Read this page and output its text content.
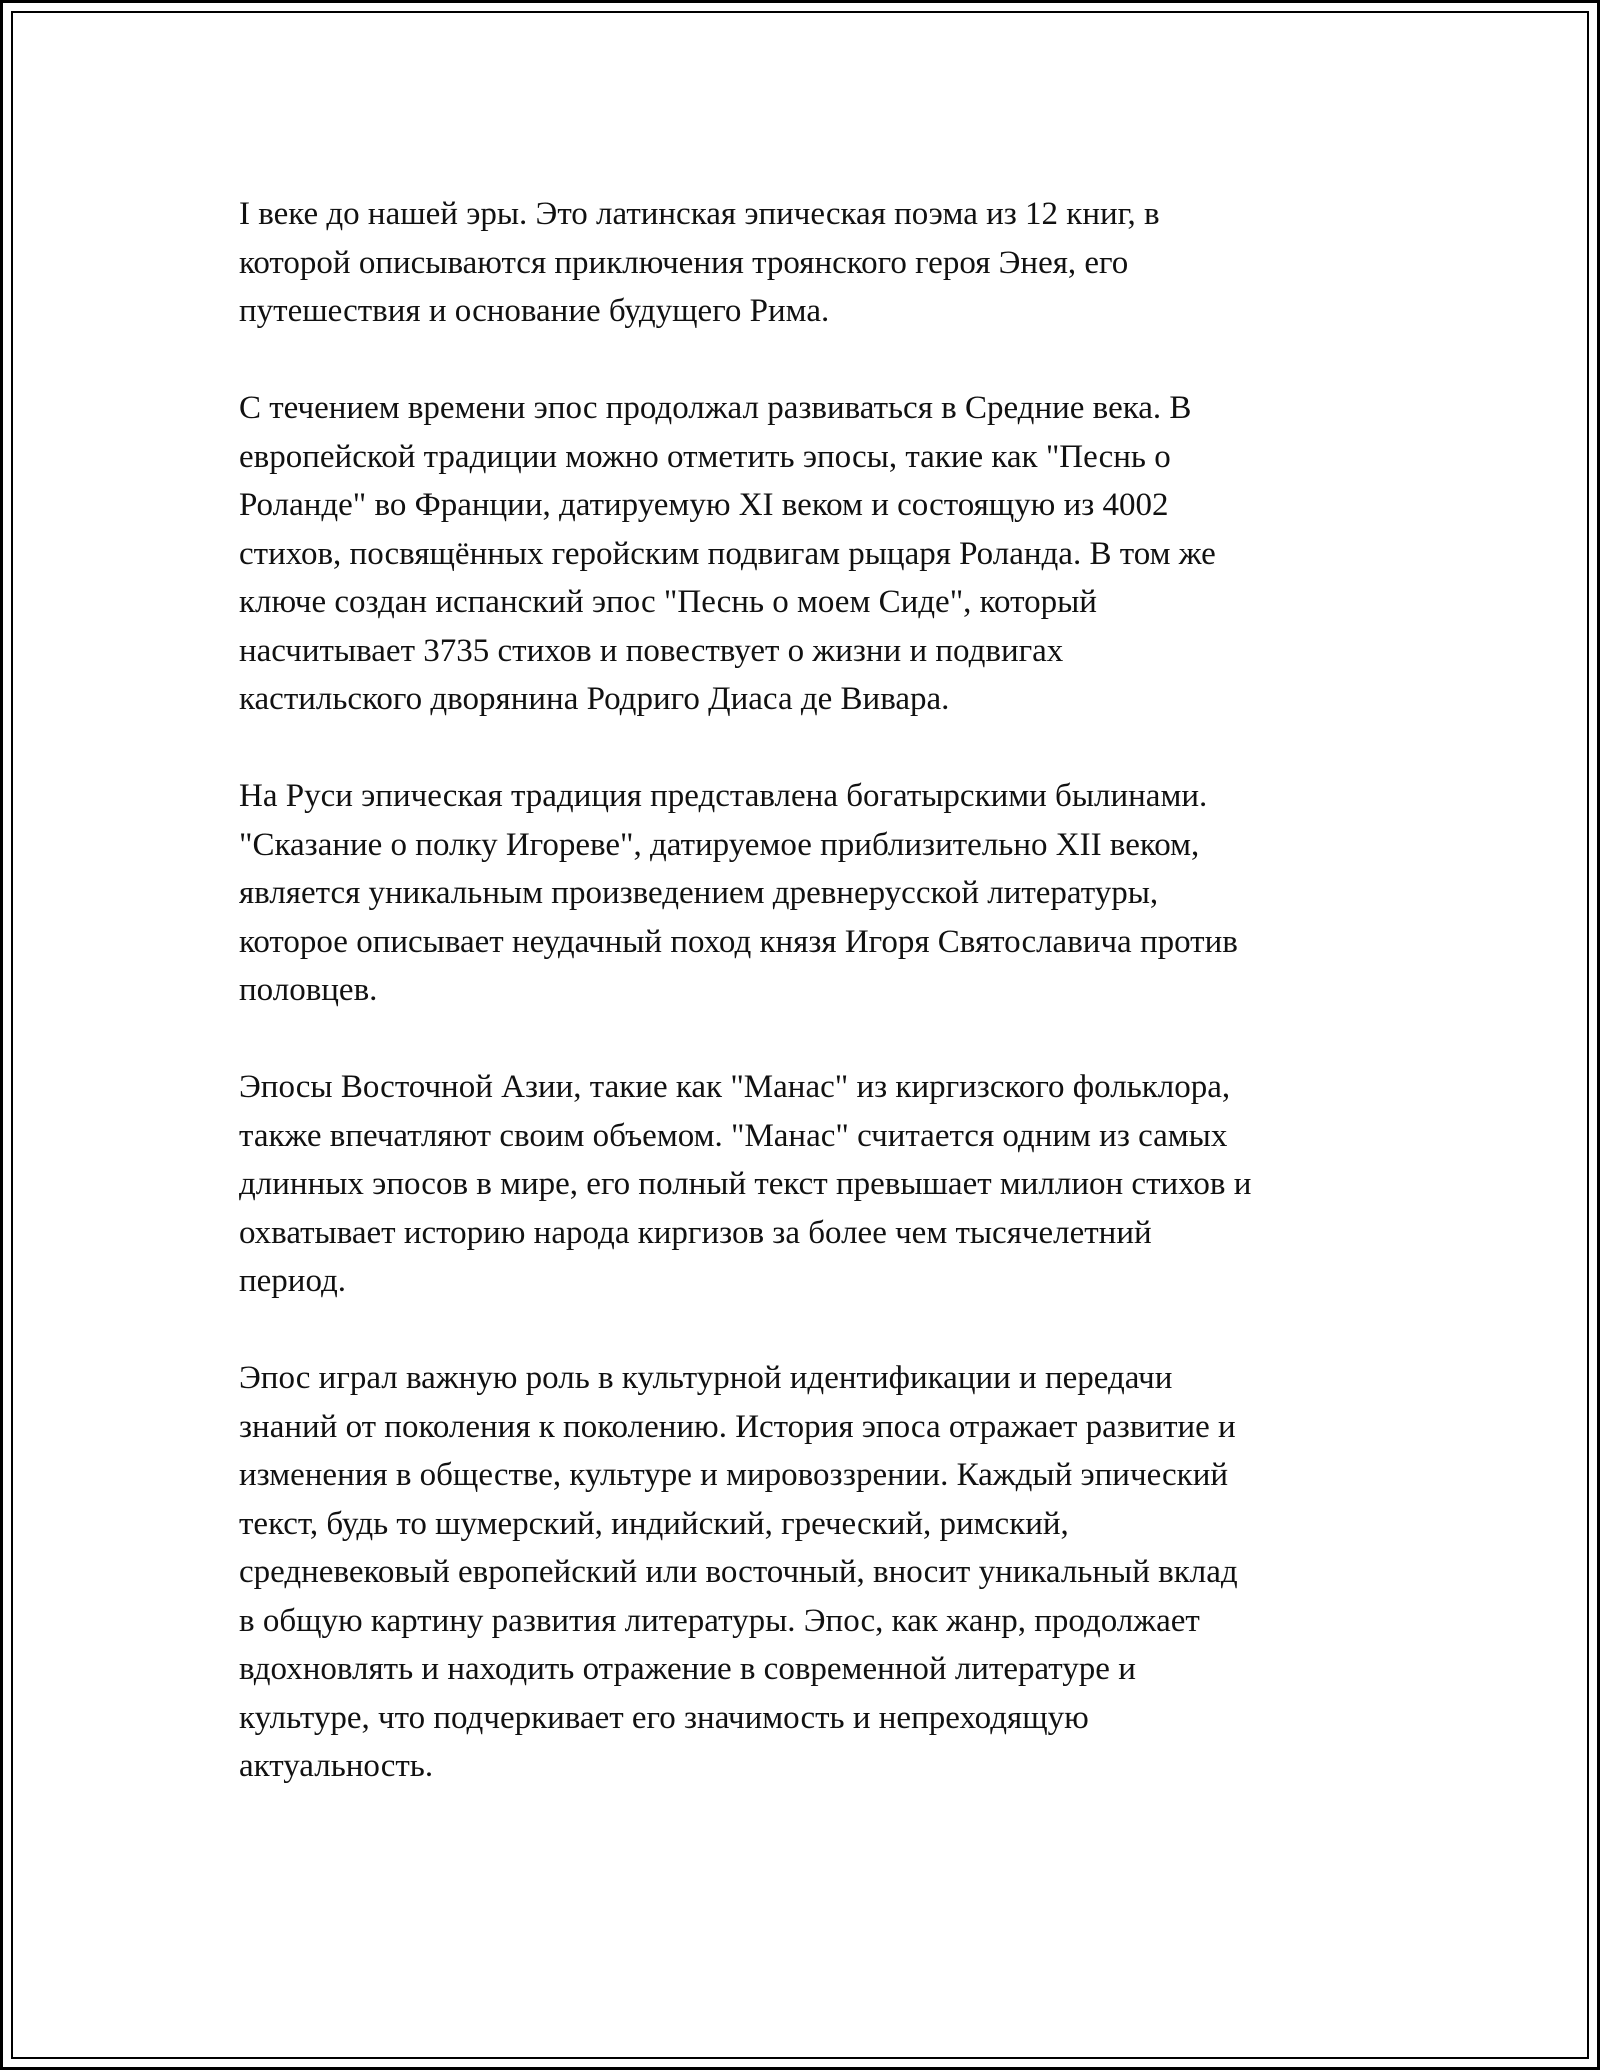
I веке до нашей эры. Это латинская эпическая поэма из 12 книг, в
которой описываются приключения троянского героя Энея, его
путешествия и основание будущего Рима.

С течением времени эпос продолжал развиваться в Средние века. В
европейской традиции можно отметить эпосы, такие как "Песнь о
Роланде" во Франции, датируемую XI веком и состоящую из 4002
стихов, посвящённых геройским подвигам рыцаря Роланда. В том же
ключе создан испанский эпос "Песнь о моем Сиде", который
насчитывает 3735 стихов и повествует о жизни и подвигах
кастильского дворянина Родриго Диаса де Вивара.

На Руси эпическая традиция представлена богатырскими былинами.
"Сказание о полку Игореве", датируемое приблизительно XII веком,
является уникальным произведением древнерусской литературы,
которое описывает неудачный поход князя Игоря Святославича против
половцев.

Эпосы Восточной Азии, такие как "Манас" из киргизского фольклора,
также впечатляют своим объемом. "Манас" считается одним из самых
длинных эпосов в мире, его полный текст превышает миллион стихов и
охватывает историю народа киргизов за более чем тысячелетний
период.

Эпос играл важную роль в культурной идентификации и передачи
знаний от поколения к поколению. История эпоса отражает развитие и
изменения в обществе, культуре и мировоззрении. Каждый эпический
текст, будь то шумерский, индийский, греческий, римский,
средневековый европейский или восточный, вносит уникальный вклад
в общую картину развития литературы. Эпос, как жанр, продолжает
вдохновлять и находить отражение в современной литературе и
культуре, что подчеркивает его значимость и непреходящую
актуальность.
